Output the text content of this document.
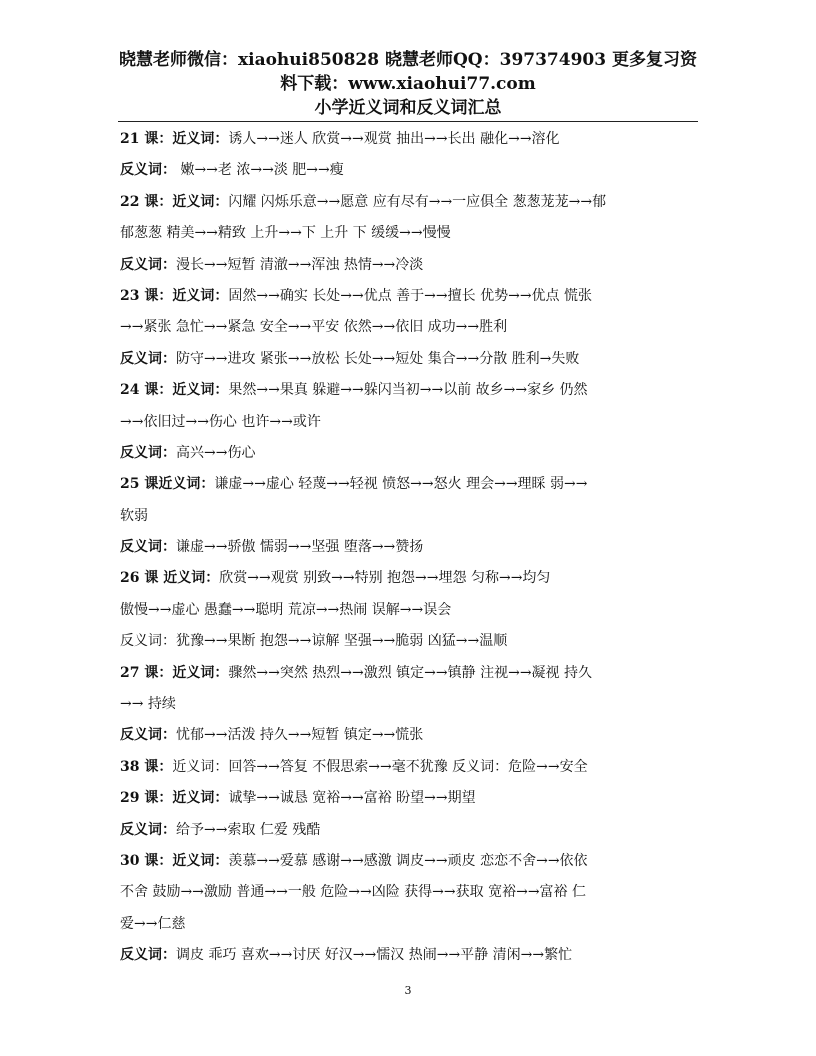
晓慧老师微信：xiaohui850828 晓慧老师QQ：397374903 更多复习资
料下载：www.xiaohui77.com
小学近义词和反义词汇总
21 课：近义词：诱人→→迷人 欣赏→→观赏 抽出→→长出 融化→→溶化
反义词： 嫩→→老 浓→→淡 肥→→瘦
22 课：近义词：闪耀 闪烁乐意→→愿意 应有尽有→→一应俱全 葱葱茏茏→→郁
郁葱葱 精美→→精致 上升→→下 上升 下 缓缓→→慢慢
反义词：漫长→→短暂 清澈→→浑浊 热情→→冷淡
23 课：近义词：固然→→确实 长处→→优点 善于→→擅长 优势→→优点 慌张
→→紧张 急忙→→紧急 安全→→平安 依然→→依旧 成功→→胜利
反义词：防守→→进攻 紧张→→放松 长处→→短处 集合→→分散 胜利→失败
24 课：近义词：果然→→果真 躲避→→躲闪当初→→以前 故乡→→家乡 仍然
→→依旧过→→伤心 也许→→或许
反义词：高兴→→伤心
25 课近义词：谦虚→→虚心 轻蔑→→轻视 愤怒→→怒火 理会→→理睬 弱→→
软弱
反义词：谦虚→→骄傲 懦弱→→坚强 堕落→→赞扬
26 课 近义词：欣赏→→观赏 别致→→特别 抱怨→→埋怨 匀称→→均匀
傲慢→→虚心 愚蠢→→聪明 荒凉→→热闹 误解→→误会
反义词：犹豫→→果断 抱怨→→谅解 坚强→→脆弱 凶猛→→温顺
27 课：近义词：骤然→→突然 热烈→→激烈 镇定→→镇静 注视→→凝视 持久
→→ 持续
反义词：忧郁→→活泼 持久→→短暂 镇定→→慌张
38 课：近义词：回答→→答复 不假思索→→毫不犹豫 反义词：危险→→安全
29 课：近义词：诚挚→→诚恳 宽裕→→富裕 盼望→→期望
反义词：给予→→索取 仁爱 残酷
30 课：近义词：羡慕→→爱慕 感谢→→感激 调皮→→顽皮 恋恋不舍→→依依
不舍 鼓励→→激励 普通→→一般 危险→→凶险 获得→→获取 宽裕→→富裕 仁
爱→→仁慈
反义词：调皮 乖巧 喜欢→→讨厌 好汉→→懦汉 热闹→→平静 清闲→→繁忙
3
